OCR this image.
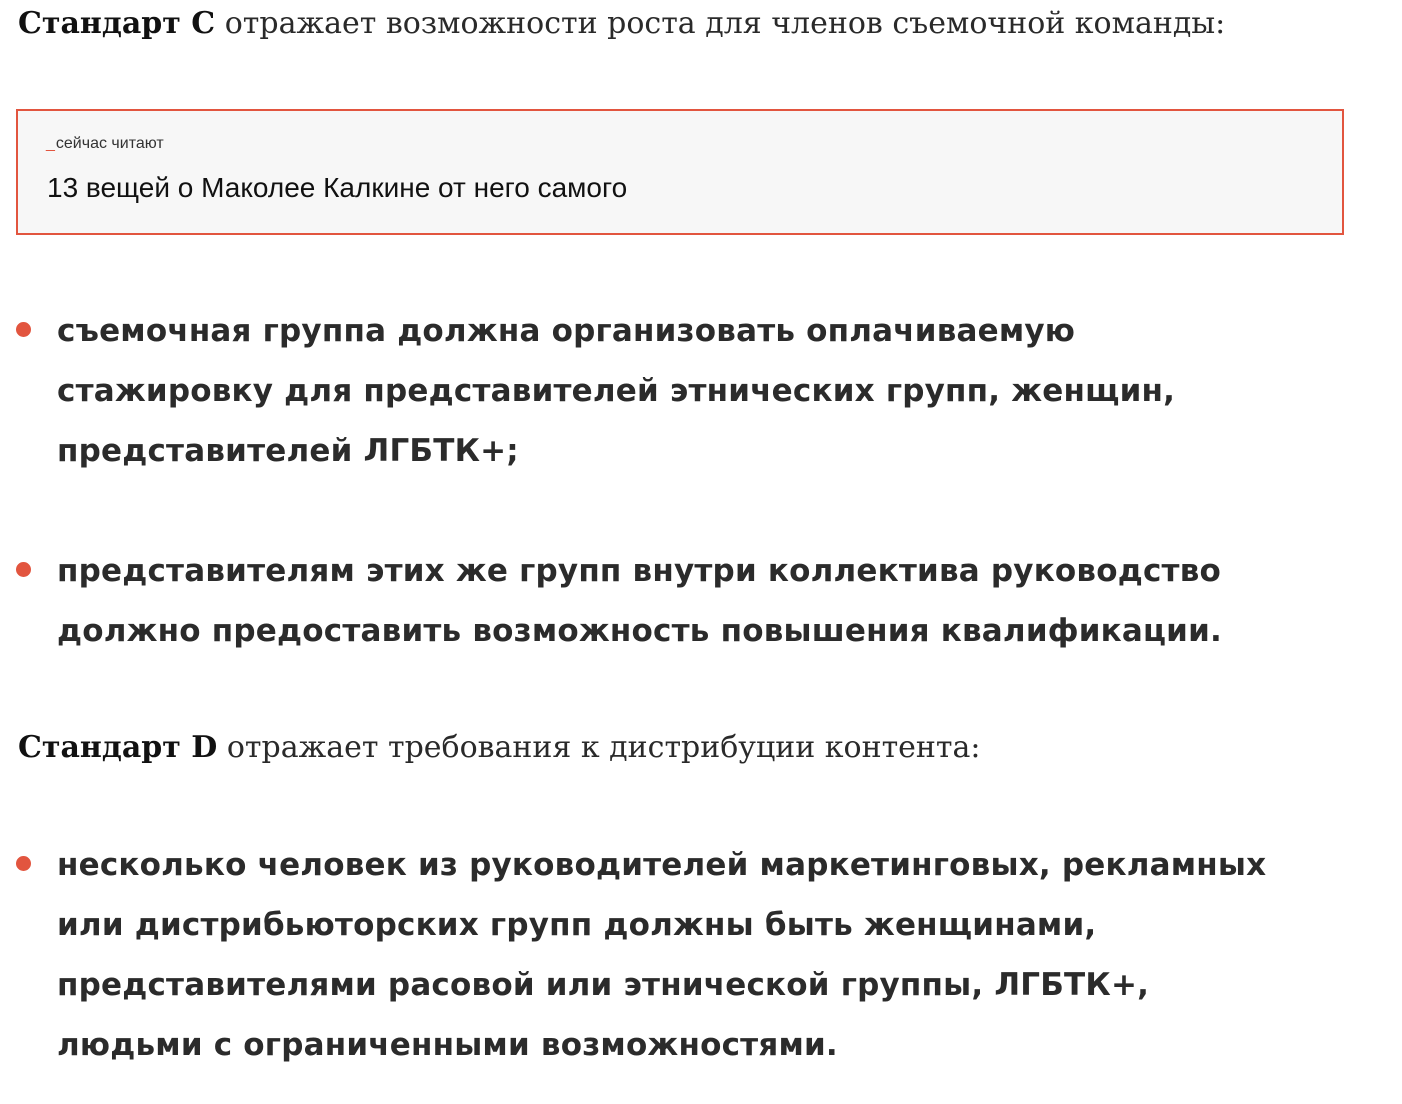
Стандарт C отражает возможности роста для членов съемочной команды:

_сейчас читают
13 вещей о Маколее Калкине от него самого
съемочная группа должна организовать оплачиваемую
стажировку для представителей этнических групп, женщин,
представителей ЛГБТК+;
представителям этих же групп внутри коллектива руководство
должно предоставить возможность повышения квалификации.

Стандарт D отражает требования к дистрибуции контента:

несколько человек из руководителей маркетинговых, рекламных
или дистрибьюторских групп должны быть женщинами,
представителями расовой или этнической группы, ЛГБТК+,
людьми с ограниченными возможностями.
